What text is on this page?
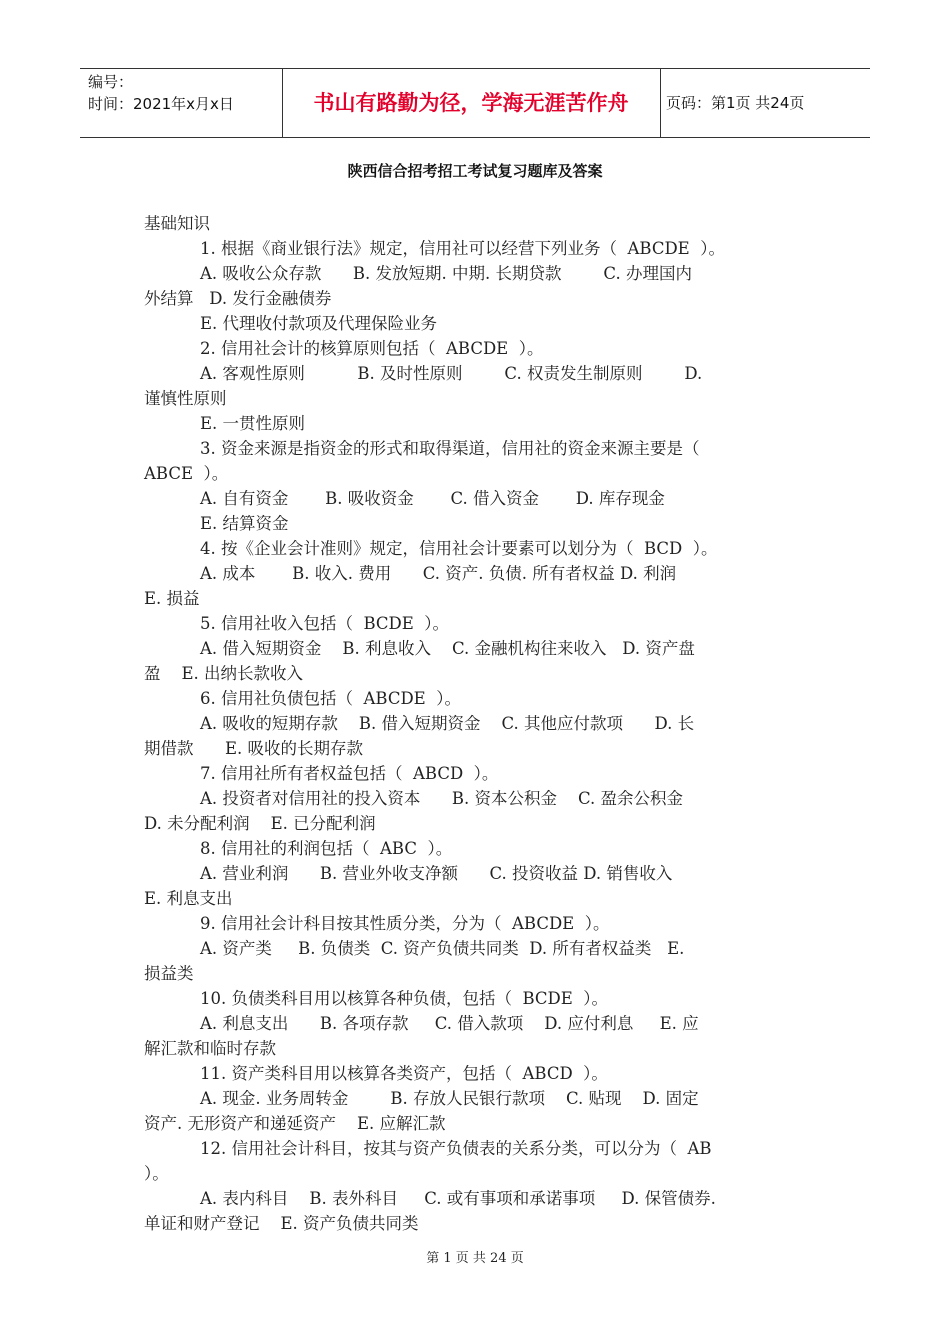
编号：
时间：2021年x月x日	书山有路勤为径，学海无涯苦作舟	页码：第1页 共24页
陕西信合招考招工考试复习题库及答案
基础知识
1. 根据《商业银行法》规定，信用社可以经营下列业务（  ABCDE  ）。
A. 吸收公众存款      B. 发放短期. 中期. 长期贷款        C. 办理国内
外结算   D. 发行金融债券
E. 代理收付款项及代理保险业务
2. 信用社会计的核算原则包括（  ABCDE  ）。
A. 客观性原则          B. 及时性原则        C. 权责发生制原则        D.
谨慎性原则
E. 一贯性原则
3. 资金来源是指资金的形式和取得渠道，信用社的资金来源主要是（
ABCE  ）。
A. 自有资金       B. 吸收资金       C. 借入资金       D. 库存现金
E. 结算资金
4. 按《企业会计准则》规定，信用社会计要素可以划分为（  BCD  ）。
A. 成本       B. 收入. 费用      C. 资产. 负债. 所有者权益 D. 利润
E. 损益
5. 信用社收入包括（  BCDE  ）。
A. 借入短期资金    B. 利息收入    C. 金融机构往来收入   D. 资产盘
盈    E. 出纳长款收入
6. 信用社负债包括（  ABCDE  ）。
A. 吸收的短期存款    B. 借入短期资金    C. 其他应付款项      D. 长
期借款      E. 吸收的长期存款
7. 信用社所有者权益包括（  ABCD  ）。
A. 投资者对信用社的投入资本      B. 资本公积金    C. 盈余公积金
D. 未分配利润    E. 已分配利润
8. 信用社的利润包括（  ABC  ）。
A. 营业利润      B. 营业外收支净额      C. 投资收益 D. 销售收入
E. 利息支出
9. 信用社会计科目按其性质分类，分为（  ABCDE  ）。
A. 资产类     B. 负债类  C. 资产负债共同类  D. 所有者权益类   E.
损益类
10. 负债类科目用以核算各种负债，包括（  BCDE  ）。
A. 利息支出      B. 各项存款     C. 借入款项    D. 应付利息     E. 应
解汇款和临时存款
11. 资产类科目用以核算各类资产，包括（  ABCD  ）。
A. 现金. 业务周转金        B. 存放人民银行款项    C. 贴现    D. 固定
资产. 无形资产和递延资产    E. 应解汇款
12. 信用社会计科目，按其与资产负债表的关系分类，可以分为（  AB
）。
A. 表内科目    B. 表外科目     C. 或有事项和承诺事项     D. 保管债券.
单证和财产登记    E. 资产负债共同类
第 1 页 共 24 页
